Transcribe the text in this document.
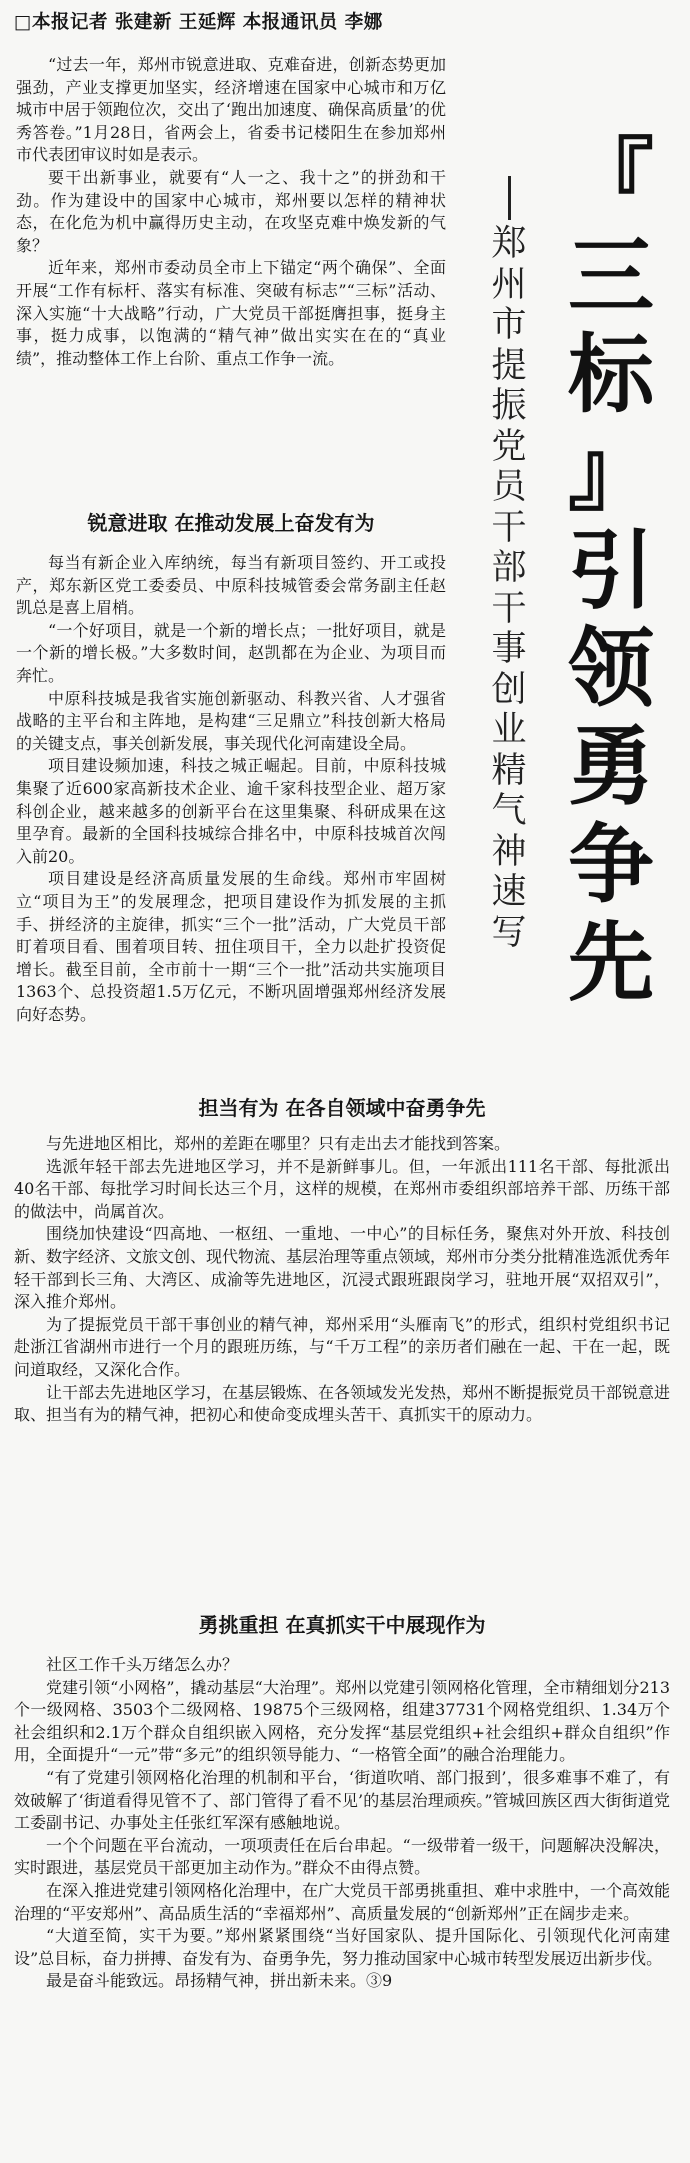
□本报记者 张建新 王延辉 本报通讯员 李娜
『
三
标
』
引
领
勇
争
先
郑
州
市
提
振
党
员
干
部
干
事
创
业
精
气
神
速
写

“过去一年，郑州市锐意进取、克难奋进，创新态势更加强劲，产业支撑更加坚实，经济增速在国家中心城市和万亿城市中居于领跑位次，交出了‘跑出加速度、确保高质量’的优秀答卷。”1月28日，省两会上，省委书记楼阳生在参加郑州市代表团审议时如是表示。

要干出新事业，就要有“人一之、我十之”的拼劲和干劲。作为建设中的国家中心城市，郑州要以怎样的精神状态，在化危为机中赢得历史主动，在攻坚克难中焕发新的气象？

近年来，郑州市委动员全市上下锚定“两个确保”、全面开展“工作有标杆、落实有标准、突破有标志”“三标”活动、深入实施“十大战略”行动，广大党员干部挺膺担事，挺身主事，挺力成事，以饱满的“精气神”做出实实在在的“真业绩”，推动整体工作上台阶、重点工作争一流。

锐意进取 在推动发展上奋发有为

每当有新企业入库纳统，每当有新项目签约、开工或投产，郑东新区党工委委员、中原科技城管委会常务副主任赵凯总是喜上眉梢。

“一个好项目，就是一个新的增长点；一批好项目，就是一个新的增长极。”大多数时间，赵凯都在为企业、为项目而奔忙。

中原科技城是我省实施创新驱动、科教兴省、人才强省战略的主平台和主阵地，是构建“三足鼎立”科技创新大格局的关键支点，事关创新发展，事关现代化河南建设全局。

项目建设频加速，科技之城正崛起。目前，中原科技城集聚了近600家高新技术企业、逾千家科技型企业、超万家科创企业，越来越多的创新平台在这里集聚、科研成果在这里孕育。最新的全国科技城综合排名中，中原科技城首次闯入前20。

项目建设是经济高质量发展的生命线。郑州市牢固树立“项目为王”的发展理念，把项目建设作为抓发展的主抓手、拼经济的主旋律，抓实“三个一批”活动，广大党员干部盯着项目看、围着项目转、扭住项目干，全力以赴扩投资促增长。截至目前，全市前十一期“三个一批”活动共实施项目1363个、总投资超1.5万亿元，不断巩固增强郑州经济发展向好态势。

担当有为 在各自领域中奋勇争先

与先进地区相比，郑州的差距在哪里？只有走出去才能找到答案。

选派年轻干部去先进地区学习，并不是新鲜事儿。但，一年派出111名干部、每批派出40名干部、每批学习时间长达三个月，这样的规模，在郑州市委组织部培养干部、历练干部的做法中，尚属首次。

围绕加快建设“四高地、一枢纽、一重地、一中心”的目标任务，聚焦对外开放、科技创新、数字经济、文旅文创、现代物流、基层治理等重点领域，郑州市分类分批精准选派优秀年轻干部到长三角、大湾区、成渝等先进地区，沉浸式跟班跟岗学习，驻地开展“双招双引”，深入推介郑州。

为了提振党员干部干事创业的精气神，郑州采用“头雁南飞”的形式，组织村党组织书记赴浙江省湖州市进行一个月的跟班历练，与“千万工程”的亲历者们融在一起、干在一起，既问道取经，又深化合作。

让干部去先进地区学习，在基层锻炼、在各领域发光发热，郑州不断提振党员干部锐意进取、担当有为的精气神，把初心和使命变成埋头苦干、真抓实干的原动力。

勇挑重担 在真抓实干中展现作为

社区工作千头万绪怎么办？

党建引领“小网格”，撬动基层“大治理”。郑州以党建引领网格化管理，全市精细划分213个一级网格、3503个二级网格、19875个三级网格，组建37731个网格党组织、1.34万个社会组织和2.1万个群众自组织嵌入网格，充分发挥“基层党组织+社会组织+群众自组织”作用，全面提升“一元”带“多元”的组织领导能力、“一格管全面”的融合治理能力。

“有了党建引领网格化治理的机制和平台，‘街道吹哨、部门报到’，很多难事不难了，有效破解了‘街道看得见管不了、部门管得了看不见’的基层治理顽疾。”管城回族区西大街街道党工委副书记、办事处主任张红军深有感触地说。

一个个问题在平台流动，一项项责任在后台串起。“一级带着一级干，问题解决没解决，实时跟进，基层党员干部更加主动作为。”群众不由得点赞。

在深入推进党建引领网格化治理中，在广大党员干部勇挑重担、难中求胜中，一个高效能治理的“平安郑州”、高品质生活的“幸福郑州”、高质量发展的“创新郑州”正在阔步走来。

“大道至简，实干为要。”郑州紧紧围绕“当好国家队、提升国际化、引领现代化河南建设”总目标，奋力拼搏、奋发有为、奋勇争先，努力推动国家中心城市转型发展迈出新步伐。

最是奋斗能致远。昂扬精气神，拼出新未来。③9
